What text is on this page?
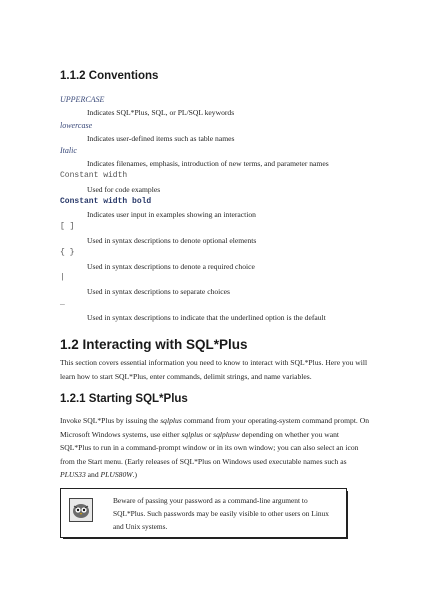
1.1.2 Conventions
UPPERCASE
Indicates SQL*Plus, SQL, or PL/SQL keywords
lowercase
Indicates user-defined items such as table names
Italic
Indicates filenames, emphasis, introduction of new terms, and parameter names
Constant width
Used for code examples
Constant width bold
Indicates user input in examples showing an interaction
[ ]
Used in syntax descriptions to denote optional elements
{ }
Used in syntax descriptions to denote a required choice
|
Used in syntax descriptions to separate choices
_
Used in syntax descriptions to indicate that the underlined option is the default
1.2 Interacting with SQL*Plus
This section covers essential information you need to know to interact with SQL*Plus. Here you will learn how to start SQL*Plus, enter commands, delimit strings, and name variables.
1.2.1 Starting SQL*Plus
Invoke SQL*Plus by issuing the sqlplus command from your operating-system command prompt. On Microsoft Windows systems, use either sqlplus or sqlplusw depending on whether you want SQL*Plus to run in a command-prompt window or in its own window; you can also select an icon from the Start menu. (Early releases of SQL*Plus on Windows used executable names such as PLUS33 and PLUS80W.)
Beware of passing your password as a command-line argument to SQL*Plus. Such passwords may be easily visible to other users on Linux and Unix systems.
